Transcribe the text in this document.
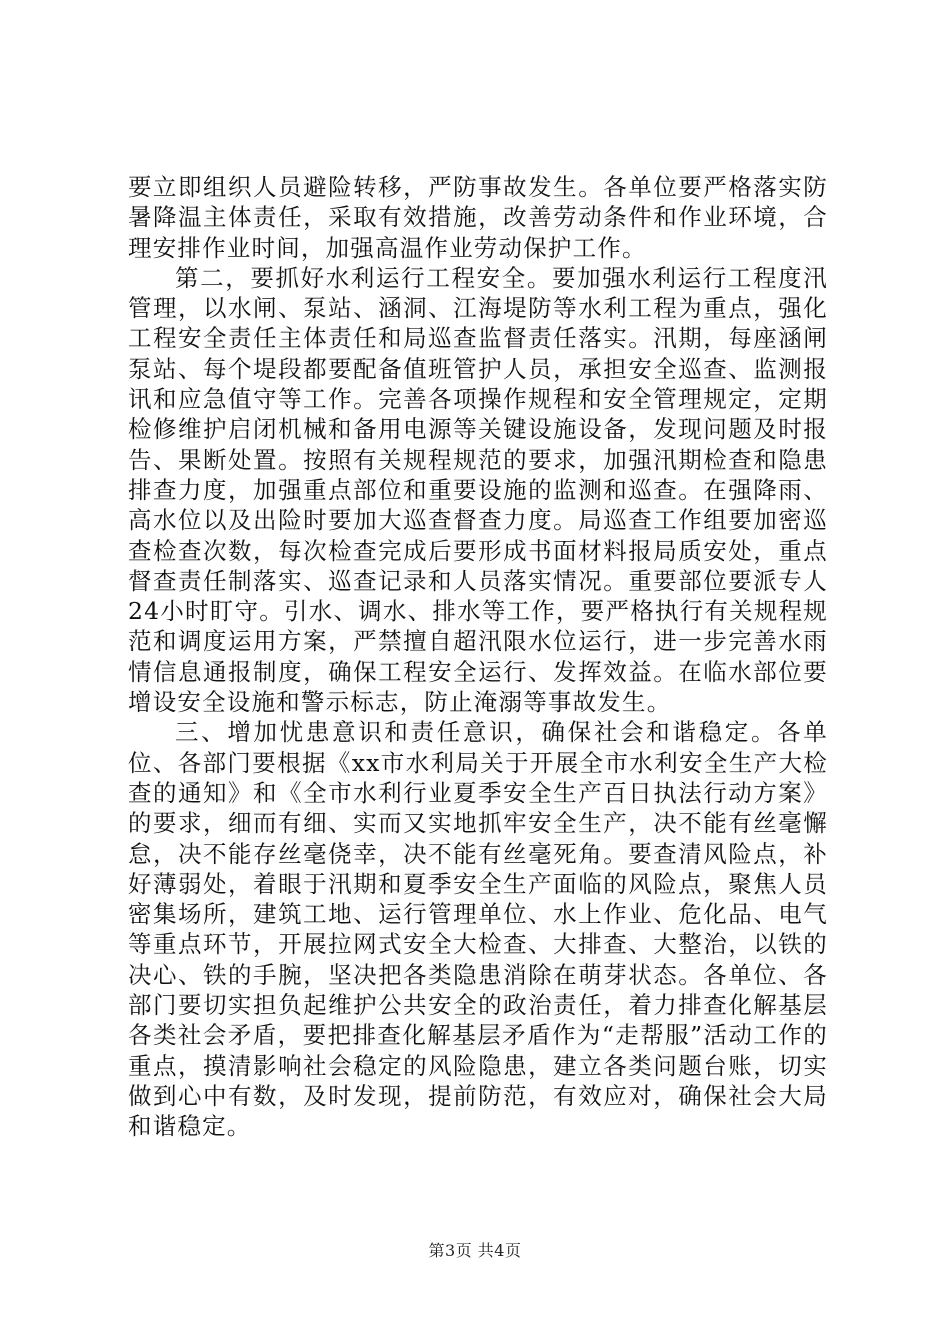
要立即组织人员避险转移，严防事故发生。各单位要严格落实防暑降温主体责任，采取有效措施，改善劳动条件和作业环境，合理安排作业时间，加强高温作业劳动保护工作。

第二，要抓好水利运行工程安全。要加强水利运行工程度汛管理，以水闸、泵站、涵洞、江海堤防等水利工程为重点，强化工程安全责任主体责任和局巡查监督责任落实。汛期，每座涵闸泵站、每个堤段都要配备值班管护人员，承担安全巡查、监测报讯和应急值守等工作。完善各项操作规程和安全管理规定，定期检修维护启闭机械和备用电源等关键设施设备，发现问题及时报告、果断处置。按照有关规程规范的要求，加强汛期检查和隐患排查力度，加强重点部位和重要设施的监测和巡查。在强降雨、高水位以及出险时要加大巡查督查力度。局巡查工作组要加密巡查检查次数，每次检查完成后要形成书面材料报局质安处，重点督查责任制落实、巡查记录和人员落实情况。重要部位要派专人24小时盯守。引水、调水、排水等工作，要严格执行有关规程规范和调度运用方案，严禁擅自超汛限水位运行，进一步完善水雨情信息通报制度，确保工程安全运行、发挥效益。在临水部位要增设安全设施和警示标志，防止淹溺等事故发生。

三、增加忧患意识和责任意识，确保社会和谐稳定。各单位、各部门要根据《xx市水利局关于开展全市水利安全生产大检查的通知》和《全市水利行业夏季安全生产百日执法行动方案》的要求，细而有细、实而又实地抓牢安全生产，决不能有丝毫懈怠，决不能存丝毫侥幸，决不能有丝毫死角。要查清风险点，补好薄弱处，着眼于汛期和夏季安全生产面临的风险点，聚焦人员密集场所，建筑工地、运行管理单位、水上作业、危化品、电气等重点环节，开展拉网式安全大检查、大排查、大整治，以铁的决心、铁的手腕，坚决把各类隐患消除在萌芽状态。各单位、各部门要切实担负起维护公共安全的政治责任，着力排查化解基层各类社会矛盾，要把排查化解基层矛盾作为“走帮服”活动工作的重点，摸清影响社会稳定的风险隐患，建立各类问题台账，切实做到心中有数，及时发现，提前防范，有效应对，确保社会大局和谐稳定。

第3页 共4页
